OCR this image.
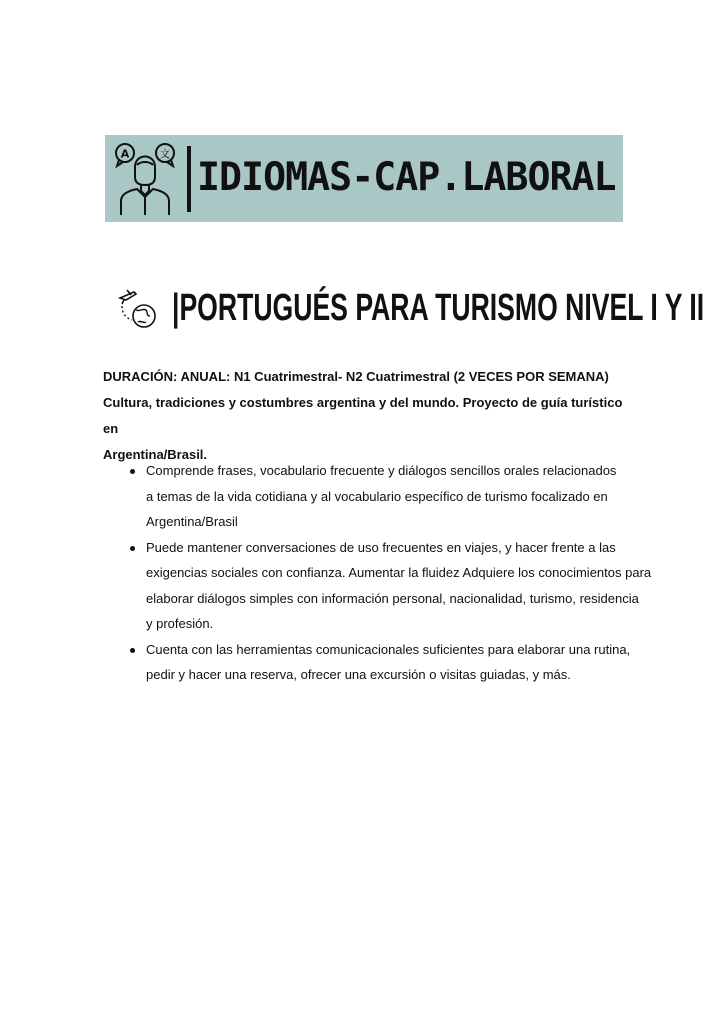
A	文 IDIOMAS-CAP.LABORAL
|PORTUGUÉS PARA TURISMO NIVEL I Y II

DURACIÓN: ANUAL: N1 Cuatrimestral- N2 Cuatrimestral (2 VECES POR SEMANA)

Cultura, tradiciones y costumbres argentina y del mundo. Proyecto de guía turístico en

Argentina/Brasil.

Comprende frases, vocabulario frecuente y diálogos sencillos orales relacionados
a temas de la vida cotidiana y al vocabulario específico de turismo focalizado en
Argentina/Brasil
Puede mantener conversaciones de uso frecuentes en viajes, y hacer frente a las
exigencias sociales con confianza. Aumentar la fluidez Adquiere los conocimientos para
elaborar diálogos simples con información personal, nacionalidad, turismo, residencia
y profesión.
Cuenta con las herramientas comunicacionales suficientes para elaborar una rutina,
pedir y hacer una reserva, ofrecer una excursión o visitas guiadas, y más.
